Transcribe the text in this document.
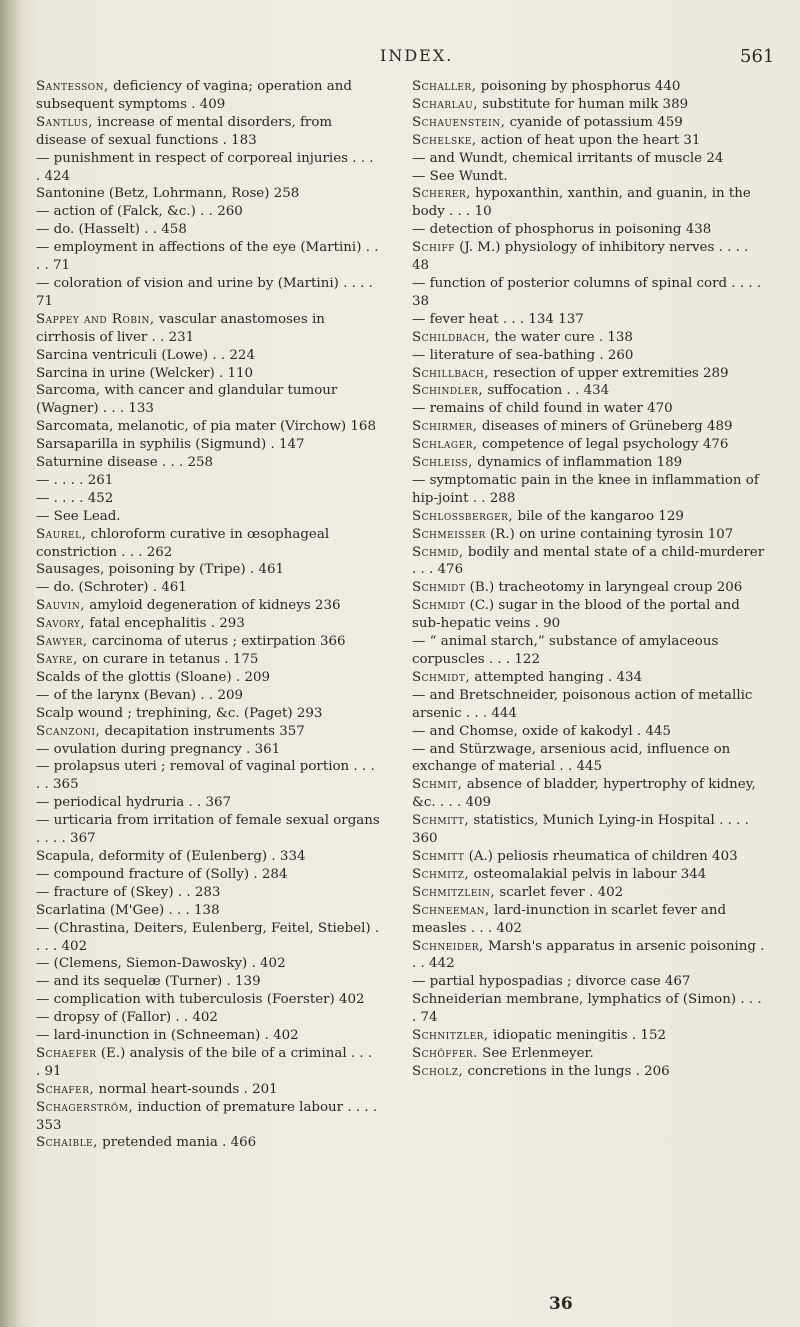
INDEX.	561
Santesson, deficiency of vagina; operation and subsequent symptoms . 409
Santlus, increase of mental disorders, from disease of sexual functions . 183
— punishment in respect of corporeal injuries . . . . 424
Santonine (Betz, Lohrmann, Rose) 258
— action of (Falck, &c.) . . 260
— do. (Hasselt) . . 458
— employment in affections of the eye (Martini) . . . . 71
— coloration of vision and urine by (Martini) . . . . 71
Sappey and Robin, vascular anastomoses in cirrhosis of liver . . 231
Sarcina ventriculi (Lowe) . . 224
Sarcina in urine (Welcker) . 110
Sarcoma, with cancer and glandular tumour (Wagner) . . . 133
Sarcomata, melanotic, of pia mater (Virchow) 168
Sarsaparilla in syphilis (Sigmund) . 147
Saturnine disease . . . 258
— . . . . 261
— . . . . 452
— See Lead.
Saurel, chloroform curative in œsophageal constriction . . . 262
Sausages, poisoning by (Tripe) . 461
— do. (Schroter) . 461
Sauvin, amyloid degeneration of kidneys 236
Savory, fatal encephalitis . 293
Sawyer, carcinoma of uterus ; extirpation 366
Sayre, on curare in tetanus . 175
Scalds of the glottis (Sloane) . 209
— of the larynx (Bevan) . . 209
Scalp wound ; trephining, &c. (Paget) 293
Scanzoni, decapitation instruments 357
— ovulation during pregnancy . 361
— prolapsus uteri ; removal of vaginal portion . . . . . 365
— periodical hydruria . . 367
— urticaria from irritation of female sexual organs . . . . 367
Scapula, deformity of (Eulenberg) . 334
— compound fracture of (Solly) . 284
— fracture of (Skey) . . 283
Scarlatina (M'Gee) . . . 138
— (Chrastina, Deiters, Eulenberg, Feitel, Stiebel) . . . . 402
— (Clemens, Siemon-Dawosky) . 402
— and its sequelæ (Turner) . 139
— complication with tuberculosis (Foerster) 402
— dropsy of (Fallor) . . 402
— lard-inunction in (Schneeman) . 402
Schaefer (E.) analysis of the bile of a criminal . . . . 91
Schafer, normal heart-sounds . 201
Schagerström, induction of premature labour . . . . 353
Schaible, pretended mania . 466
Schaller, poisoning by phosphorus 440
Scharlau, substitute for human milk 389
Schauenstein, cyanide of potassium 459
Schelske, action of heat upon the heart 31
— and Wundt, chemical irritants of muscle 24
— See Wundt.
Scherer, hypoxanthin, xanthin, and guanin, in the body . . . 10
— detection of phosphorus in poisoning 438
Schiff (J. M.) physiology of inhibitory nerves . . . . 48
— function of posterior columns of spinal cord . . . . 38
— fever heat . . . 134 137
Schildbach, the water cure . 138
— literature of sea-bathing . 260
Schillbach, resection of upper extremities 289
Schindler, suffocation . . 434
— remains of child found in water 470
Schirmer, diseases of miners of Grüneberg 489
Schlager, competence of legal psychology 476
Schleiss, dynamics of inflammation 189
— symptomatic pain in the knee in inflammation of hip-joint . . 288
Schlossberger, bile of the kangaroo 129
Schmeisser (R.) on urine containing tyrosin 107
Schmid, bodily and mental state of a child-murderer . . . 476
Schmidt (B.) tracheotomy in laryngeal croup 206
Schmidt (C.) sugar in the blood of the portal and sub-hepatic veins . 90
— “ animal starch,” substance of amylaceous corpuscles . . . 122
Schmidt, attempted hanging . 434
— and Bretschneider, poisonous action of metallic arsenic . . . 444
— and Chomse, oxide of kakodyl . 445
— and Stürzwage, arsenious acid, influence on exchange of material . . 445
Schmit, absence of bladder, hypertrophy of kidney, &c. . . . 409
Schmitt, statistics, Munich Lying-in Hospital . . . . 360
Schmitt (A.) peliosis rheumatica of children 403
Schmitz, osteomalakial pelvis in labour 344
Schmitzlein, scarlet fever . 402
Schneeman, lard-inunction in scarlet fever and measles . . . 402
Schneider, Marsh's apparatus in arsenic poisoning . . . 442
— partial hypospadias ; divorce case 467
Schneiderian membrane, lymphatics of (Simon) . . . . 74
Schnitzler, idiopatic meningitis . 152
Schöffer. See Erlenmeyer.
Scholz, concretions in the lungs . 206
36
